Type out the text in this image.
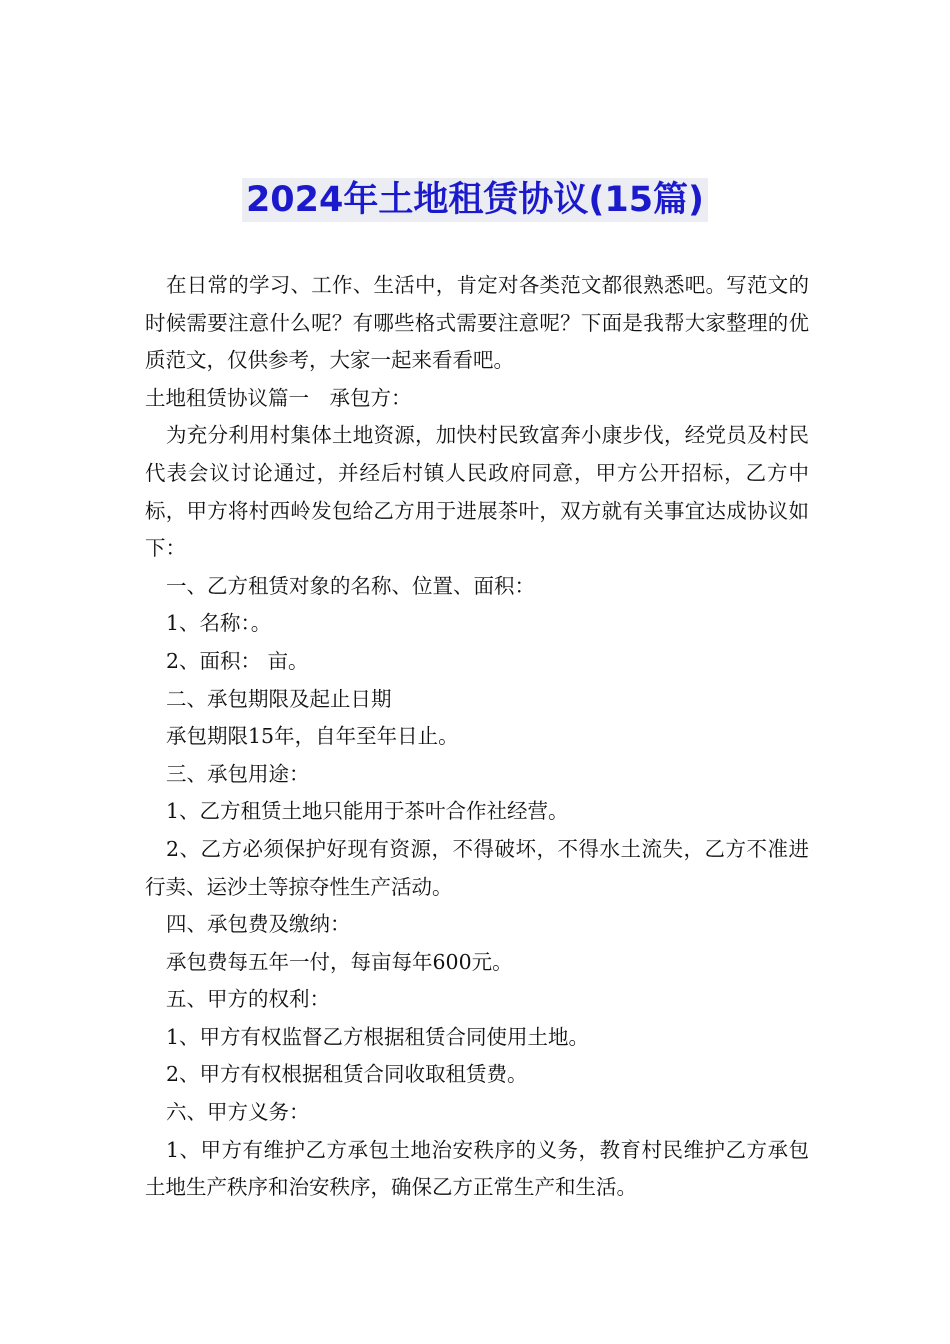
2024年土地租赁协议(15篇)

在日常的学习、工作、生活中，肯定对各类范文都很熟悉吧。写范文的时候需要注意什么呢？有哪些格式需要注意呢？下面是我帮大家整理的优质范文，仅供参考，大家一起来看看吧。

土地租赁协议篇一　承包方：

为充分利用村集体土地资源，加快村民致富奔小康步伐，经党员及村民代表会议讨论通过，并经后村镇人民政府同意，甲方公开招标，乙方中标，甲方将村西岭发包给乙方用于进展茶叶，双方就有关事宜达成协议如下：

一、乙方租赁对象的名称、位置、面积：

1、名称：。

2、面积： 亩。

二、承包期限及起止日期

承包期限15年，自年至年日止。

三、承包用途：

1、乙方租赁土地只能用于茶叶合作社经营。

2、乙方必须保护好现有资源，不得破坏，不得水土流失，乙方不准进行卖、运沙土等掠夺性生产活动。

四、承包费及缴纳：

承包费每五年一付，每亩每年600元。

五、甲方的权利：

1、甲方有权监督乙方根据租赁合同使用土地。

2、甲方有权根据租赁合同收取租赁费。

六、甲方义务：

1、甲方有维护乙方承包土地治安秩序的义务，教育村民维护乙方承包土地生产秩序和治安秩序，确保乙方正常生产和生活。
